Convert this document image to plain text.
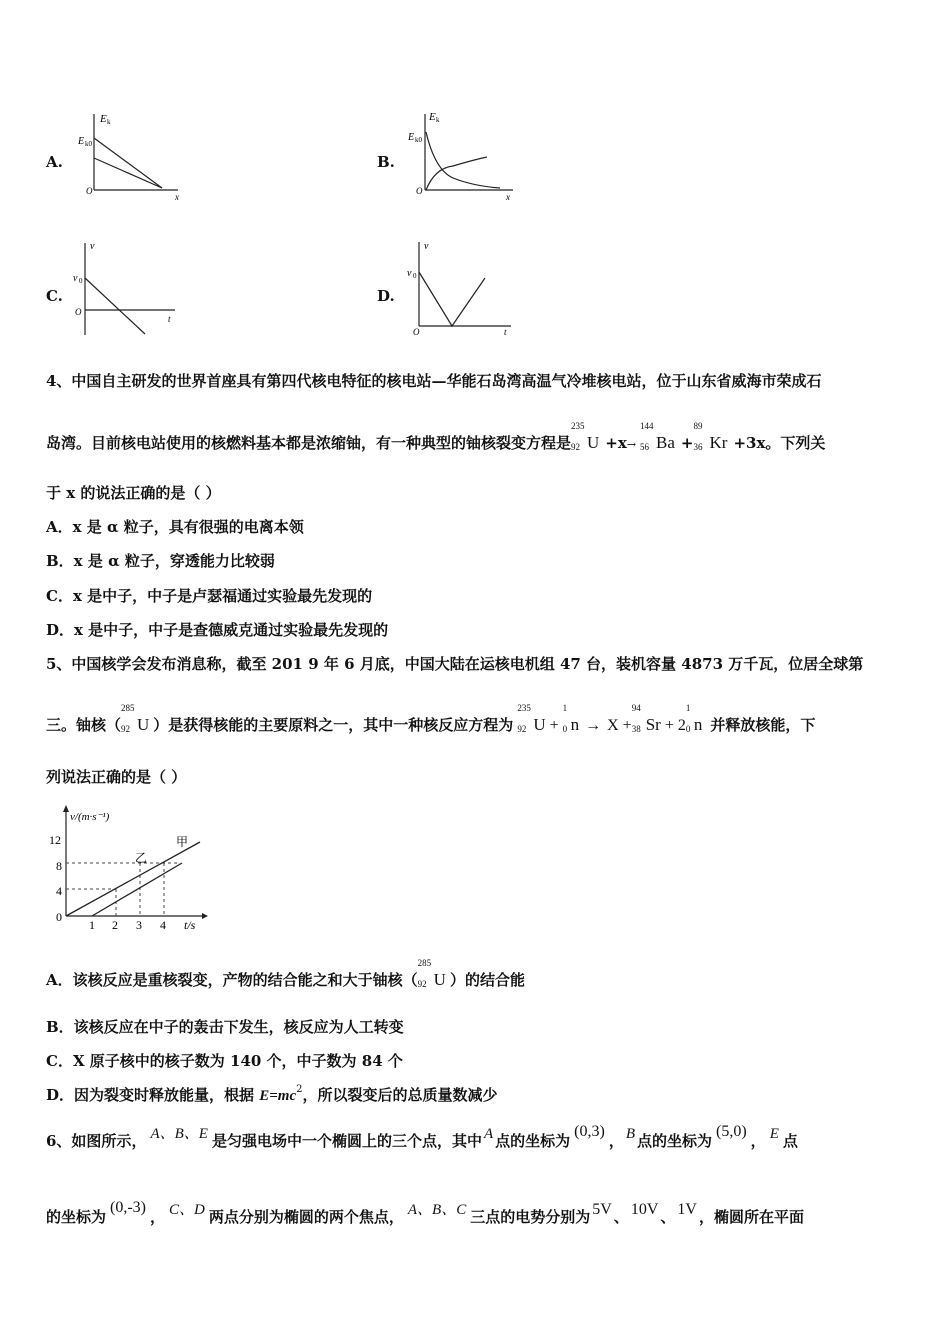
A.
E k
E k0
O
x
B.
E k
E k0
O
x
C.
v
v 0
O
t
D.
v
v 0
O	t
4、中国自主研发的世界首座具有第四代核电特征的核电站—华能石岛湾高温气冷堆核电站，位于山东省威海市荣成石
岛湾。目前核电站使用的核燃料基本都是浓缩铀，有一种典型的铀核裂变方程是
235
92 U +x→
144
56 Ba +
89
36 Kr +3x。下列关
于 x 的说法正确的是（ ）
A．x 是 α 粒子，具有很强的电离本领
B．x 是 α 粒子，穿透能力比较弱
C．x 是中子，中子是卢瑟福通过实验最先发现的
D．x 是中子，中子是查德威克通过实验最先发现的
5、中国核学会发布消息称，截至 201 9 年 6 月底，中国大陆在运核电机组 47 台，装机容量 4873 万千瓦，位居全球第
三。铀核（
285
92 U ）是获得核能的主要原料之一，其中一种核反应方程为
235
92 U +
1
0 n → X +
94
38 Sr + 2
1
0 n 并释放核能，下
列说法正确的是（ ）
v/(m·s⁻¹)
12
8
4
0
1 2 3 4 t/s
甲
乙
A．该核反应是重核裂变，产物的结合能之和大于铀核（
285
92 U ）的结合能
B．该核反应在中子的轰击下发生，核反应为人工转变
C．X 原子核中的核子数为 140 个，中子数为 84 个
D．因为裂变时释放能量，根据 $E=mc^2$，所以裂变后的总质量数减少
6、如图所示， A、B、E 是匀强电场中一个椭圆上的三个点，其中 A 点的坐标为(0,3)， B 点的坐标为(5,0)， E 点
的坐标为(0,-3)， C、D 两点分别为椭圆的两个焦点， A、B、C 三点的电势分别为 5V 、 10V 、 1V ，椭圆所在平面
